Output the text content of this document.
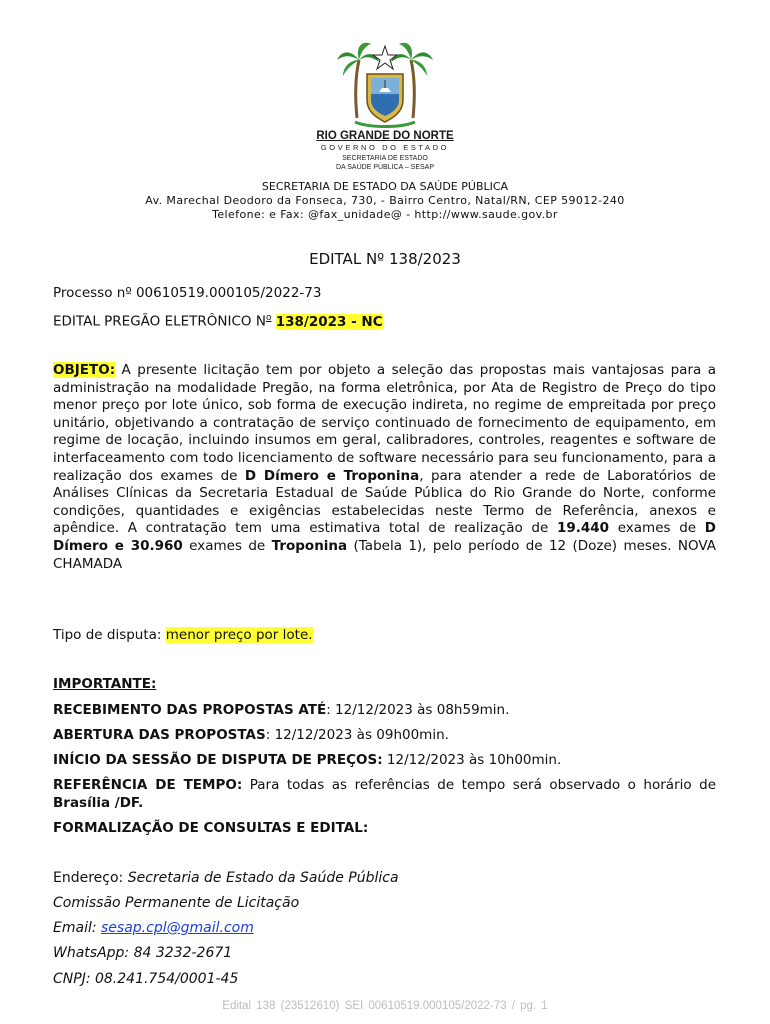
RIO GRANDE DO NORTE
GOVERNO DO ESTADO
SECRETARIA DE ESTADO
DA SAÚDE PÚBLICA – SESAP
SECRETARIA DE ESTADO DA SAÚDE PÚBLICA
Av. Marechal Deodoro da Fonseca, 730, - Bairro Centro, Natal/RN, CEP 59012-240
Telefone: e Fax: @fax_unidade@ - http://www.saude.gov.br
EDITAL Nº 138/2023
Processo nº 00610519.000105/2022-73
EDITAL PREGÃO ELETRÔNICO $N^o$ 138/2023 - NC
OBJETO: A presente licitação tem por objeto a seleção das propostas mais vantajosas para a administração na modalidade Pregão, na forma eletrônica, por Ata de Registro de Preço do tipo menor preço por lote único, sob forma de execução indireta, no regime de empreitada por preço unitário, objetivando a contratação de serviço continuado de fornecimento de equipamento, em regime de locação, incluindo insumos em geral, calibradores, controles, reagentes e software de interfaceamento com todo licenciamento de software necessário para seu funcionamento, para a realização dos exames de D Dímero e Troponina, para atender a rede de Laboratórios de Análises Clínicas da Secretaria Estadual de Saúde Pública do Rio Grande do Norte, conforme condições, quantidades e exigências estabelecidas neste Termo de Referência, anexos e apêndice. A contratação tem uma estimativa total de realização de 19.440 exames de D Dímero e 30.960 exames de Troponina (Tabela 1), pelo período de 12 (Doze) meses. NOVA CHAMADA
Tipo de disputa: menor preço por lote.
IMPORTANTE:
RECEBIMENTO DAS PROPOSTAS ATÉ: 12/12/2023 às 08h59min.
ABERTURA DAS PROPOSTAS: 12/12/2023 às 09h00min.
INÍCIO DA SESSÃO DE DISPUTA DE PREÇOS: 12/12/2023 às 10h00min.
REFERÊNCIA DE TEMPO: Para todas as referências de tempo será observado o horário de Brasília /DF.
FORMALIZAÇÃO DE CONSULTAS E EDITAL:
Endereço: Secretaria de Estado da Saúde Pública
Comissão Permanente de Licitação
Email: sesap.cpl@gmail.com
WhatsApp: 84 3232-2671
CNPJ: 08.241.754/0001-45
Edital 138 (23512610) SEI 00610519.000105/2022-73 / pg. 1
